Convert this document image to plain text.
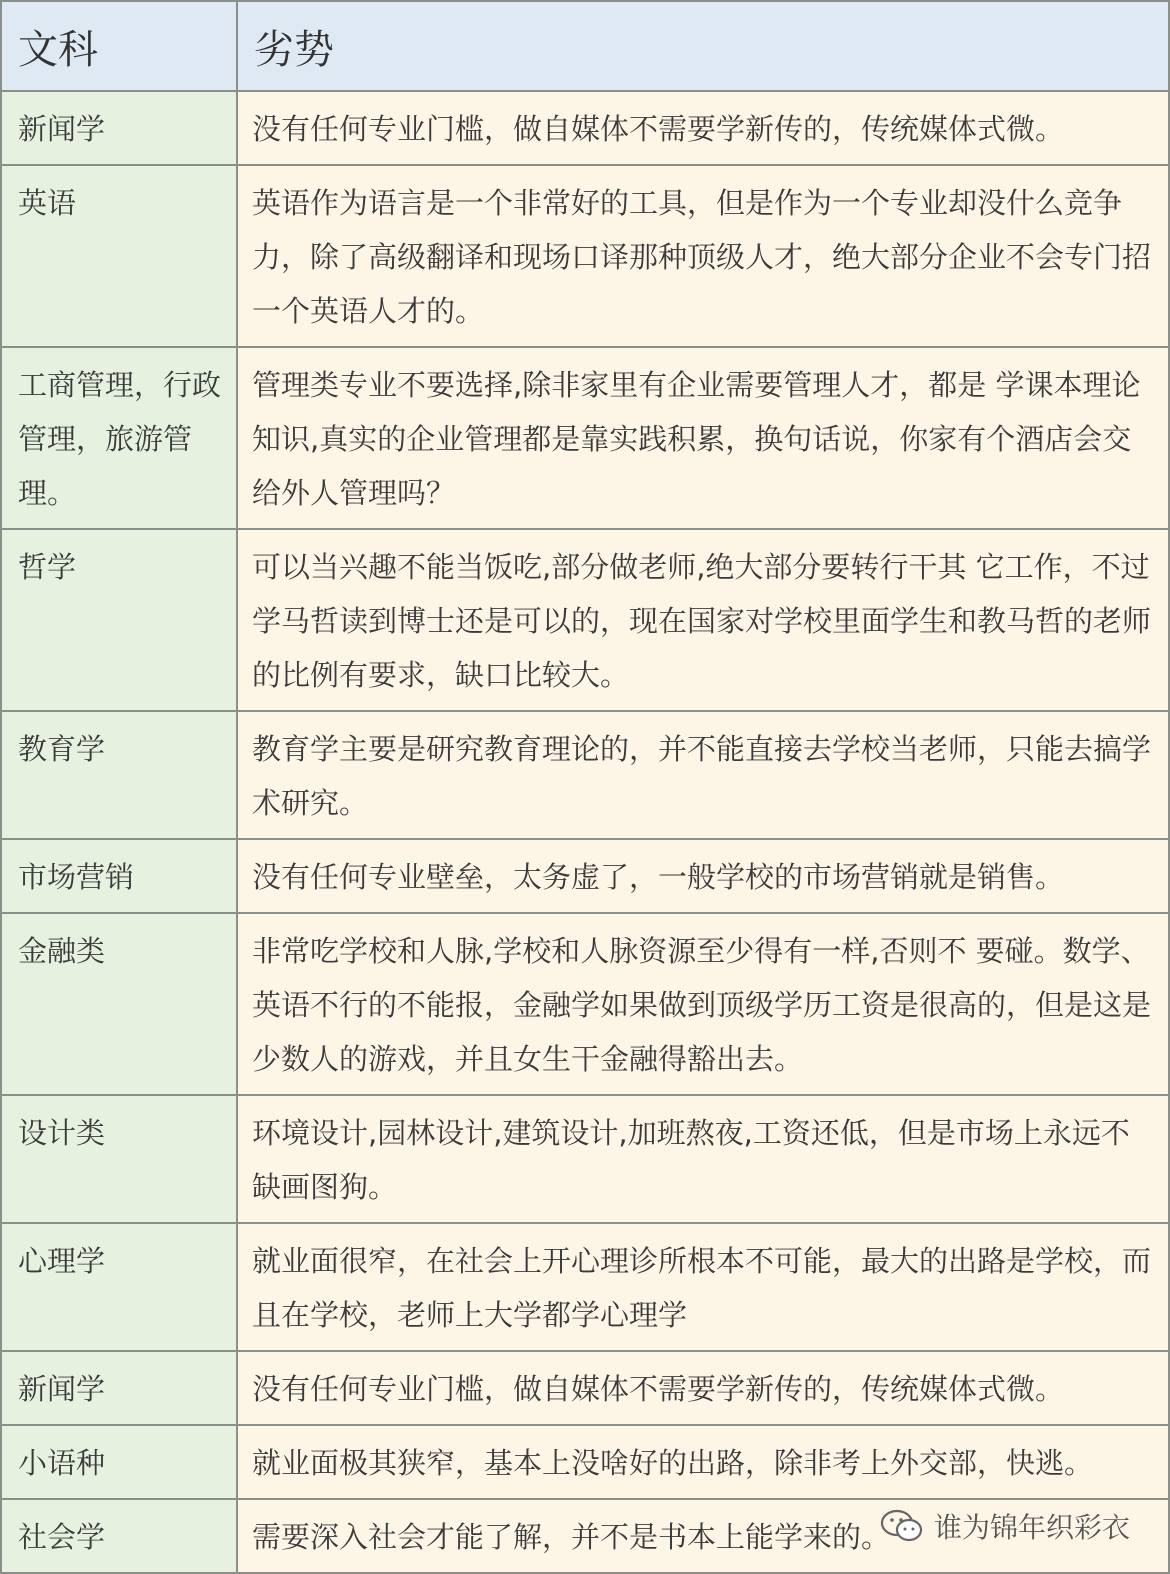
文科	劣势
新闻学	没有任何专业门槛，做自媒体不需要学新传的，传统媒体式微。
英语	英语作为语言是一个非常好的工具，但是作为一个专业却没什么竞争力，除了高级翻译和现场口译那种顶级人才，绝大部分企业不会专门招一个英语人才的。
工商管理，行政管理，旅游管理。	管理类专业不要选择,除非家里有企业需要管理人才，都是 学课本理论知识,真实的企业管理都是靠实践积累，换句话说，你家有个酒店会交给外人管理吗？
哲学	可以当兴趣不能当饭吃,部分做老师,绝大部分要转行干其 它工作，不过学马哲读到博士还是可以的，现在国家对学校里面学生和教马哲的老师的比例有要求，缺口比较大。
教育学	教育学主要是研究教育理论的，并不能直接去学校当老师，只能去搞学术研究。
市场营销	没有任何专业壁垒，太务虚了，一般学校的市场营销就是销售。
金融类	非常吃学校和人脉,学校和人脉资源至少得有一样,否则不 要碰。数学、英语不行的不能报，金融学如果做到顶级学历工资是很高的，但是这是少数人的游戏，并且女生干金融得豁出去。
设计类	环境设计,园林设计,建筑设计,加班熬夜,工资还低，但是市场上永远不缺画图狗。
心理学	就业面很窄，在社会上开心理诊所根本不可能，最大的出路是学校，而且在学校，老师上大学都学心理学
新闻学	没有任何专业门槛，做自媒体不需要学新传的，传统媒体式微。
小语种	就业面极其狭窄，基本上没啥好的出路，除非考上外交部，快逃。
社会学	需要深入社会才能了解，并不是书本上能学来的。 谁为锦年织彩衣
